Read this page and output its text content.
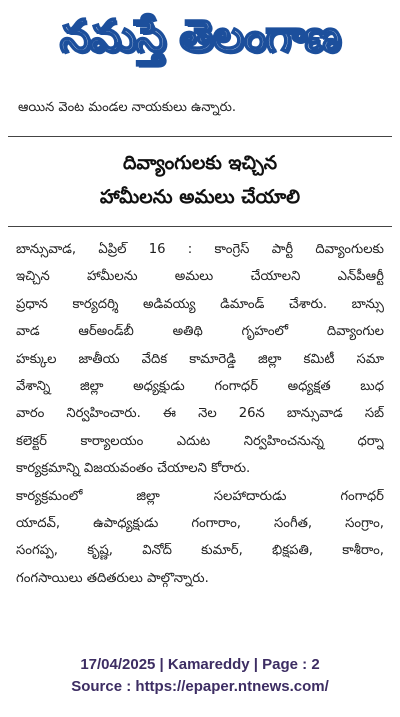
నమస్తే తెలంగాణ
ఆయిన వెంట మండల నాయకులు ఉన్నారు.
దివ్యాంగులకు ఇచ్చిన
హామీలను అమలు చేయాలి
బాన్సువాడ, ఏప్రిల్ 16 : కాంగ్రెస్ పార్టీ దివ్యాంగులకు
ఇచ్చిన హామీలను అమలు చేయాలని ఎన్‌పీఆర్టీ
ప్రధాన కార్యదర్శి అడివయ్య డిమాండ్ చేశారు. బాన్సు
వాడ ఆర్‌అండ్‌బీ అతిథి గృహంలో దివ్యాంగుల
హక్కుల జాతీయ వేదిక కామారెడ్డి జిల్లా కమిటీ సమా
వేశాన్ని జిల్లా అధ్యక్షుడు గంగాధర్ అధ్యక్షత బుధ
వారం నిర్వహించారు. ఈ నెల 26న బాన్సువాడ సబ్
కలెక్టర్ కార్యాలయం ఎదుట నిర్వహించనున్న ధర్నా
కార్యక్రమాన్ని విజయవంతం చేయాలని కోరారు.
కార్యక్రమంలో జిల్లా సలహాదారుడు గంగాధర్
యాదవ్, ఉపాధ్యక్షుడు గంగారాం, సంగీత, సంగ్రాం,
సంగప్ప, కృష్ణ, వినోద్ కుమార్, భిక్షపతి, కాశీరాం,
గంగసాయిలు తదితరులు పాల్గొన్నారు.
17/04/2025 | Kamareddy | Page : 2
Source : https://epaper.ntnews.com/
